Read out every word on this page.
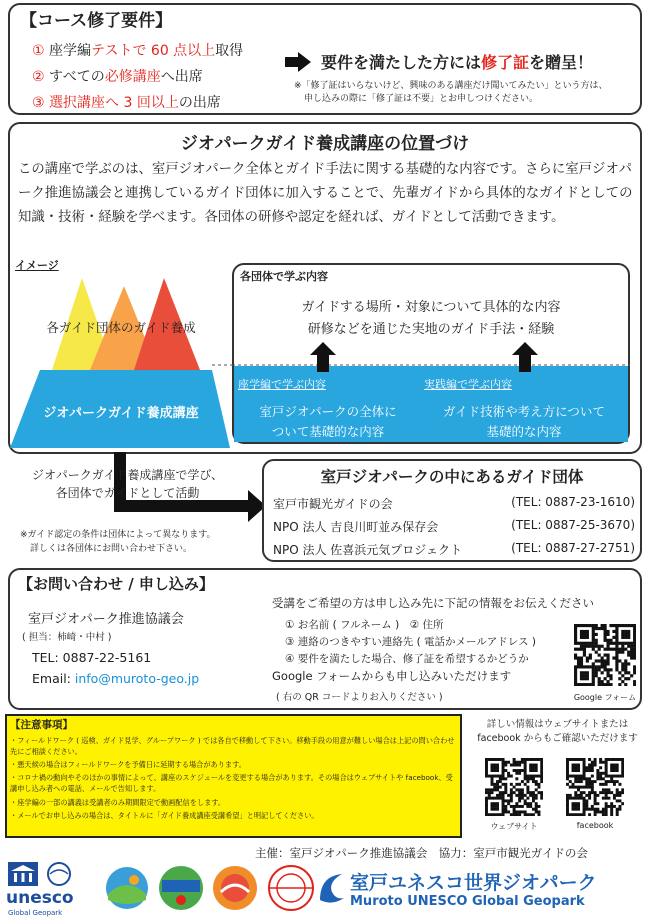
【コース修了要件】
① 座学編テストで 60 点以上取得
② すべての必修講座へ出席
③ 選択講座へ 3 回以上の出席
要件を満たした方には 修了証 を贈呈！
※「修了証はいらないけど、興味のある講座だけ聞いてみたい」という方は、
申し込みの際に「修了証は不要」とお申しつけください。
ジオパークガイド養成講座の位置づけ
この講座で学ぶのは、室戸ジオパーク全体とガイド手法に関する基礎的な内容です。さらに室戸ジオパーク推進協議会と連携しているガイド団体に加入することで、先輩ガイドから具体的なガイドとしての知識・技術・経験を学べます。各団体の研修や認定を経れば、ガイドとして活動できます。
イメージ
各ガイド団体のガイド養成
ジオパークガイド養成講座
各団体で学ぶ内容
ガイドする場所・対象について具体的な内容
研修などを通じた実地のガイド手法・経験
座学編で学ぶ内容	実践編で学ぶ内容
室戸ジオパークの全体に
ついて基礎的な内容
ガイド技術や考え方について
基礎的な内容
ジオパークガイド養成講座で学び、
各団体でガイドとして活動
※ガイド認定の条件は団体によって異なります。
詳しくは各団体にお問い合わせ下さい。
室戸ジオパークの中にあるガイド団体
室戸市観光ガイドの会	(TEL: 0887-23-1610)
NPO 法人 吉良川町並み保存会	(TEL: 0887-25-3670)
NPO 法人 佐喜浜元気プロジェクト	(TEL: 0887-27-2751)
【お問い合わせ / 申し込み】
室戸ジオパーク推進協議会
( 担当：柿崎・中村 )
TEL: 0887-22-5161
Email: info@muroto-geo.jp
受講をご希望の方は申し込み先に下記の情報をお伝えください
① お名前 ( フルネーム )　② 住所
③ 連絡のつきやすい連絡先 ( 電話かメールアドレス )
④ 要件を満たした場合、修了証を希望するかどうか
Google フォームからも申し込みいただけます
( 右の QR コードよりお入りください )	Google フォーム
【注意事項】
・フィールドワーク ( 巡検、ガイド見学、グループワーク ) では各自で移動して下さい。移動手段の用意が難しい場合は上記の問い合わせ先にご相談ください。
・悪天候の場合はフィールドワークを予備日に延期する場合があります。
・コロナ禍の動向やそのほかの事情によって、講座のスケジュールを変更する場合があります。その場合はウェブサイトや facebook、受講申し込み者への電話、メールで告知します。
・座学編の一部の講義は受講者のみ期間限定で動画配信をします。
・メールでお申し込みの場合は、タイトルに「ガイド養成講座受講希望」と明記してください。
詳しい情報はウェブサイトまたは
facebook からもご確認いただけます
ウェブサイト	facebook
主催：室戸ジオパーク推進協議会　協力：室戸市観光ガイドの会
unesco
Global Geopark
室戸ユネスコ世界ジオパーク
Muroto UNESCO Global Geopark
